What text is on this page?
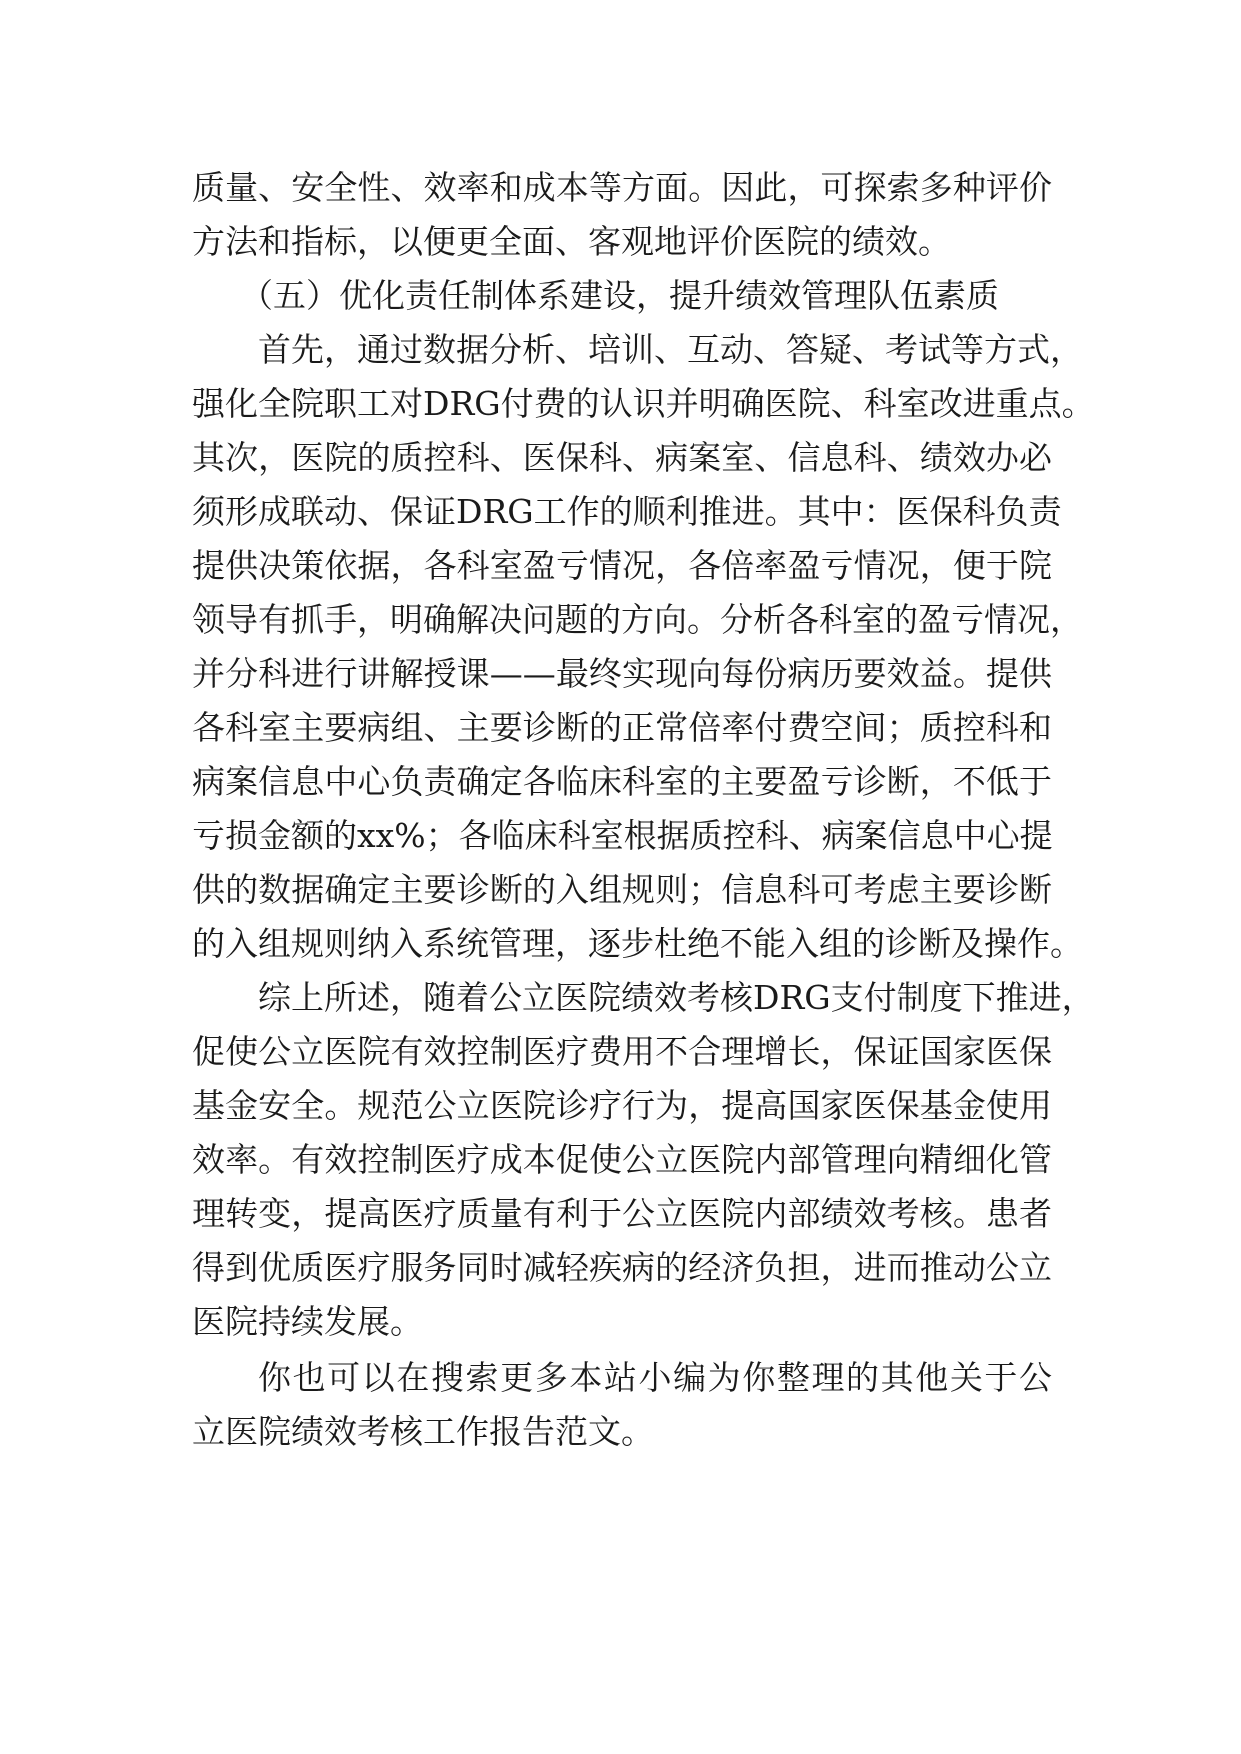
质量、安全性、效率和成本等方面。因此，可探索多种评价
方法和指标，以便更全面、客观地评价医院的绩效。
（五）优化责任制体系建设，提升绩效管理队伍素质
首先，通过数据分析、培训、互动、答疑、考试等方式，
强化全院职工对DRG付费的认识并明确医院、科室改进重点。
其次，医院的质控科、医保科、病案室、信息科、绩效办必
须形成联动、保证DRG工作的顺利推进。其中：医保科负责
提供决策依据，各科室盈亏情况，各倍率盈亏情况，便于院
领导有抓手，明确解决问题的方向。分析各科室的盈亏情况，
并分科进行讲解授课——最终实现向每份病历要效益。提供
各科室主要病组、主要诊断的正常倍率付费空间；质控科和
病案信息中心负责确定各临床科室的主要盈亏诊断，不低于
亏损金额的xx%；各临床科室根据质控科、病案信息中心提
供的数据确定主要诊断的入组规则；信息科可考虑主要诊断
的入组规则纳入系统管理，逐步杜绝不能入组的诊断及操作。
综上所述，随着公立医院绩效考核DRG支付制度下推进，
促使公立医院有效控制医疗费用不合理增长，保证国家医保
基金安全。规范公立医院诊疗行为，提高国家医保基金使用
效率。有效控制医疗成本促使公立医院内部管理向精细化管
理转变，提高医疗质量有利于公立医院内部绩效考核。患者
得到优质医疗服务同时减轻疾病的经济负担，进而推动公立
医院持续发展。
你也可以在搜索更多本站小编为你整理的其他关于公
立医院绩效考核工作报告范文。
